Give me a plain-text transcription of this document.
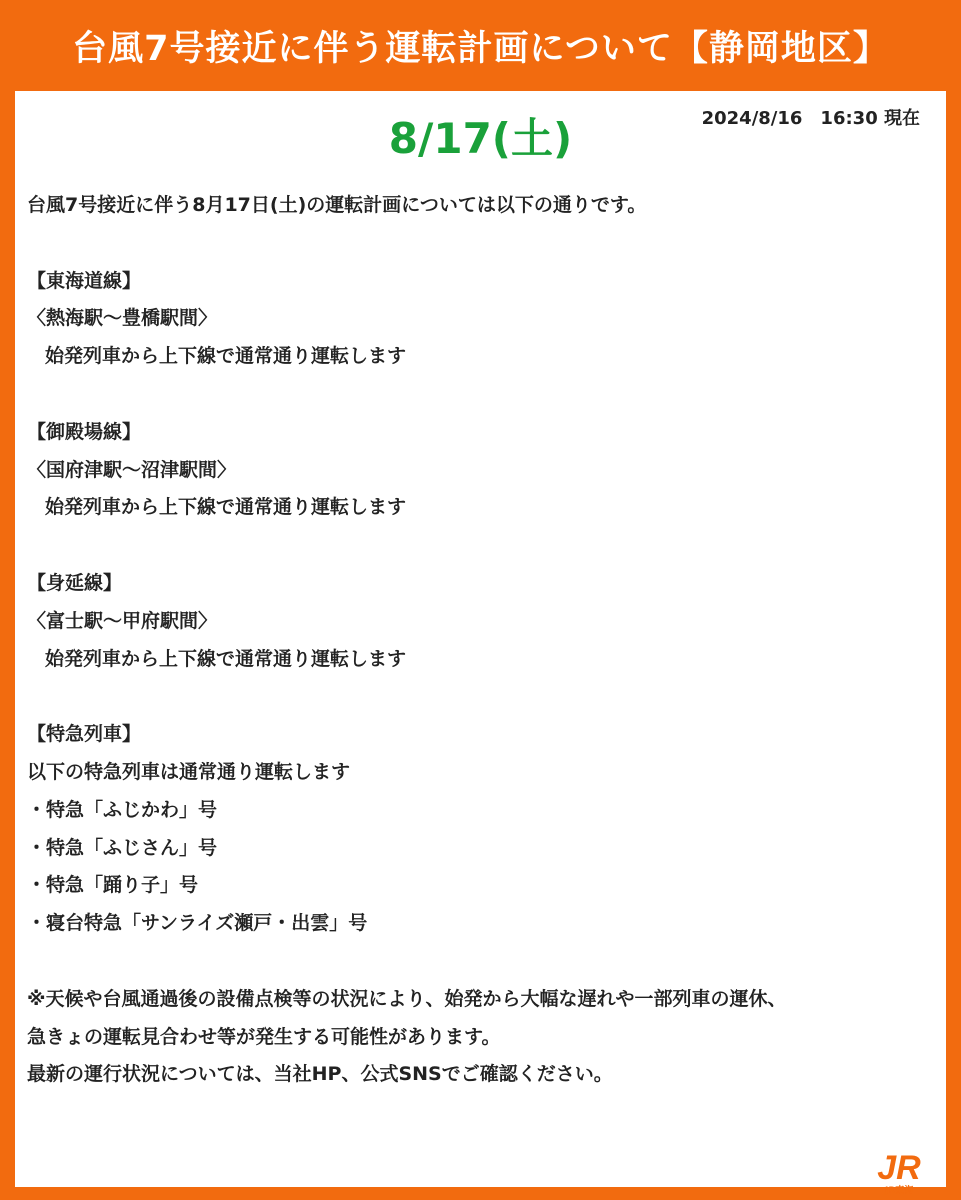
台風7号接近に伴う運転計画について【静岡地区】
8/17(土)	2024/8/16　16:30 現在
台風7号接近に伴う8月17日(土)の運転計画については以下の通りです。
【東海道線】
〈熱海駅～豊橋駅間〉
始発列車から上下線で通常通り運転します
【御殿場線】
〈国府津駅～沼津駅間〉
始発列車から上下線で通常通り運転します
【身延線】
〈富士駅～甲府駅間〉
始発列車から上下線で通常通り運転します
【特急列車】
以下の特急列車は通常通り運転します
・特急「ふじかわ」号
・特急「ふじさん」号
・特急「踊り子」号
・寝台特急「サンライズ瀬戸・出雲」号
※天候や台風通過後の設備点検等の状況により、始発から大幅な遅れや一部列車の運休、
急きょの運転見合わせ等が発生する可能性があります。
最新の運行状況については、当社HP、公式SNSでご確認ください。
JR
JR東海
